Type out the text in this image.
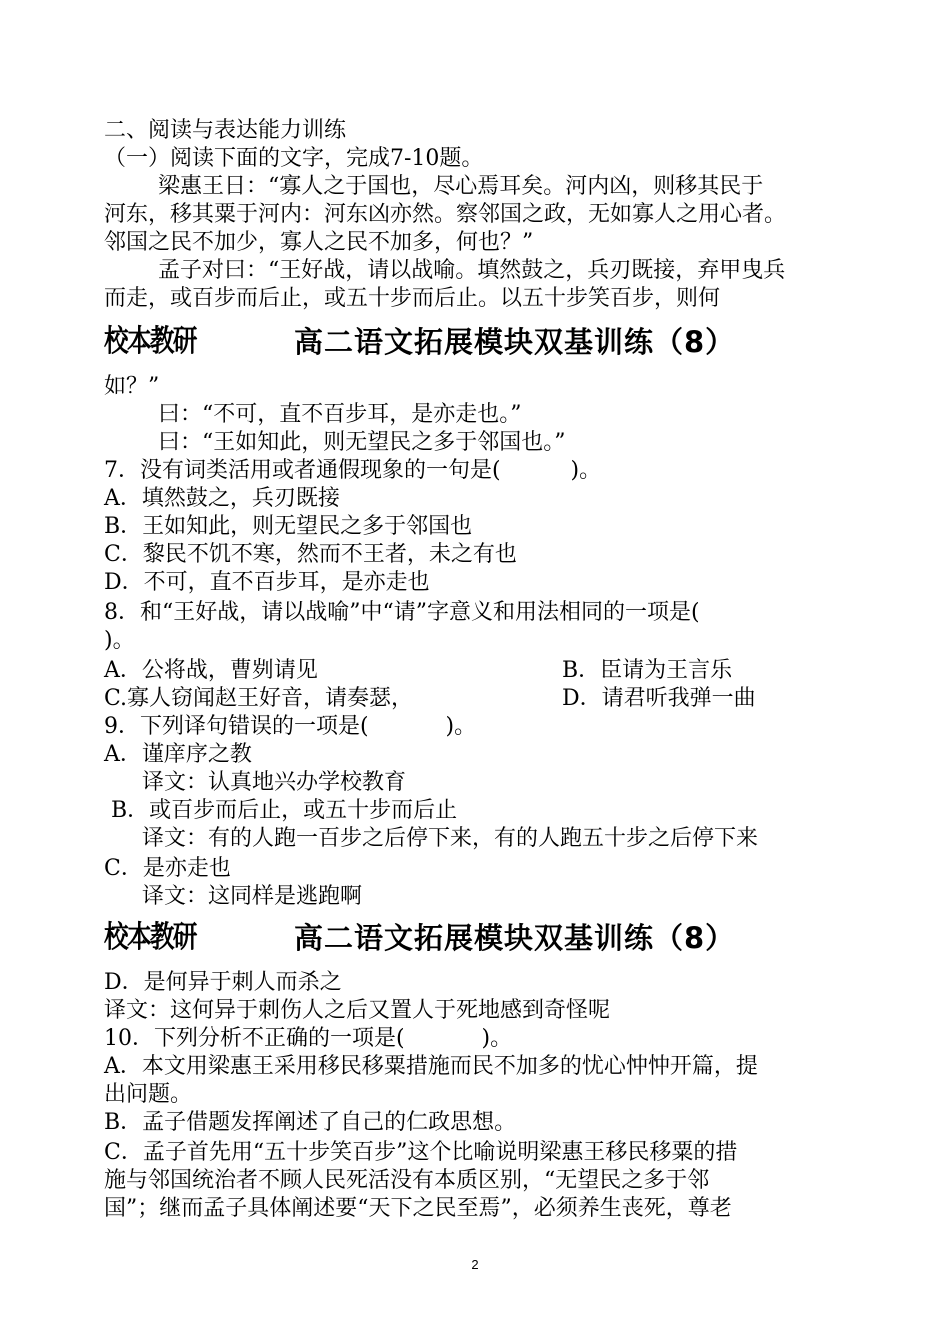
二、阅读与表达能力训练
（一）阅读下面的文字，完成7-10题。
梁惠王日：“寡人之于国也，尽心焉耳矣。河内凶，则移其民于
河东，移其粟于河内：河东凶亦然。察邻国之政，无如寡人之用心者。
邻国之民不加少，寡人之民不加多，何也？”
孟子对曰：“王好战，请以战喻。填然鼓之，兵刃既接，弃甲曳兵
而走，或百步而后止，或五十步而后止。以五十步笑百步，则何
校本教研	高二语文拓展模块双基训练（8）
如？”
曰：“不可，直不百步耳，是亦走也。”
曰：“王如知此，则无望民之多于邻国也。”
7．没有词类活用或者通假现象的一句是(          )。
A．填然鼓之，兵刃既接
B．王如知此，则无望民之多于邻国也
C．黎民不饥不寒，然而不王者，未之有也
D．不可，直不百步耳，是亦走也
8．和“王好战，请以战喻”中“请”字意义和用法相同的一项是(
)。
A．公将战，曹刿请见	B．臣请为王言乐
C.寡人窃闻赵王好音，请奏瑟，	D．请君听我弹一曲
9．下列译句错误的一项是(           )。
A．谨庠序之教
译文：认真地兴办学校教育
B．或百步而后止，或五十步而后止
译文：有的人跑一百步之后停下来，有的人跑五十步之后停下来
C．是亦走也
译文：这同样是逃跑啊
校本教研	高二语文拓展模块双基训练（8）
D．是何异于刺人而杀之
译文：这何异于刺伤人之后又置人于死地感到奇怪呢
10．下列分析不正确的一项是(           )。
A．本文用梁惠王采用移民移粟措施而民不加多的忧心忡忡开篇，提
出问题。
B．孟子借题发挥阐述了自己的仁政思想。
C．孟子首先用“五十步笑百步”这个比喻说明梁惠王移民移粟的措
施与邻国统治者不顾人民死活没有本质区别，“无望民之多于邻
国”；继而孟子具体阐述要“天下之民至焉”，必须养生丧死，尊老
2
